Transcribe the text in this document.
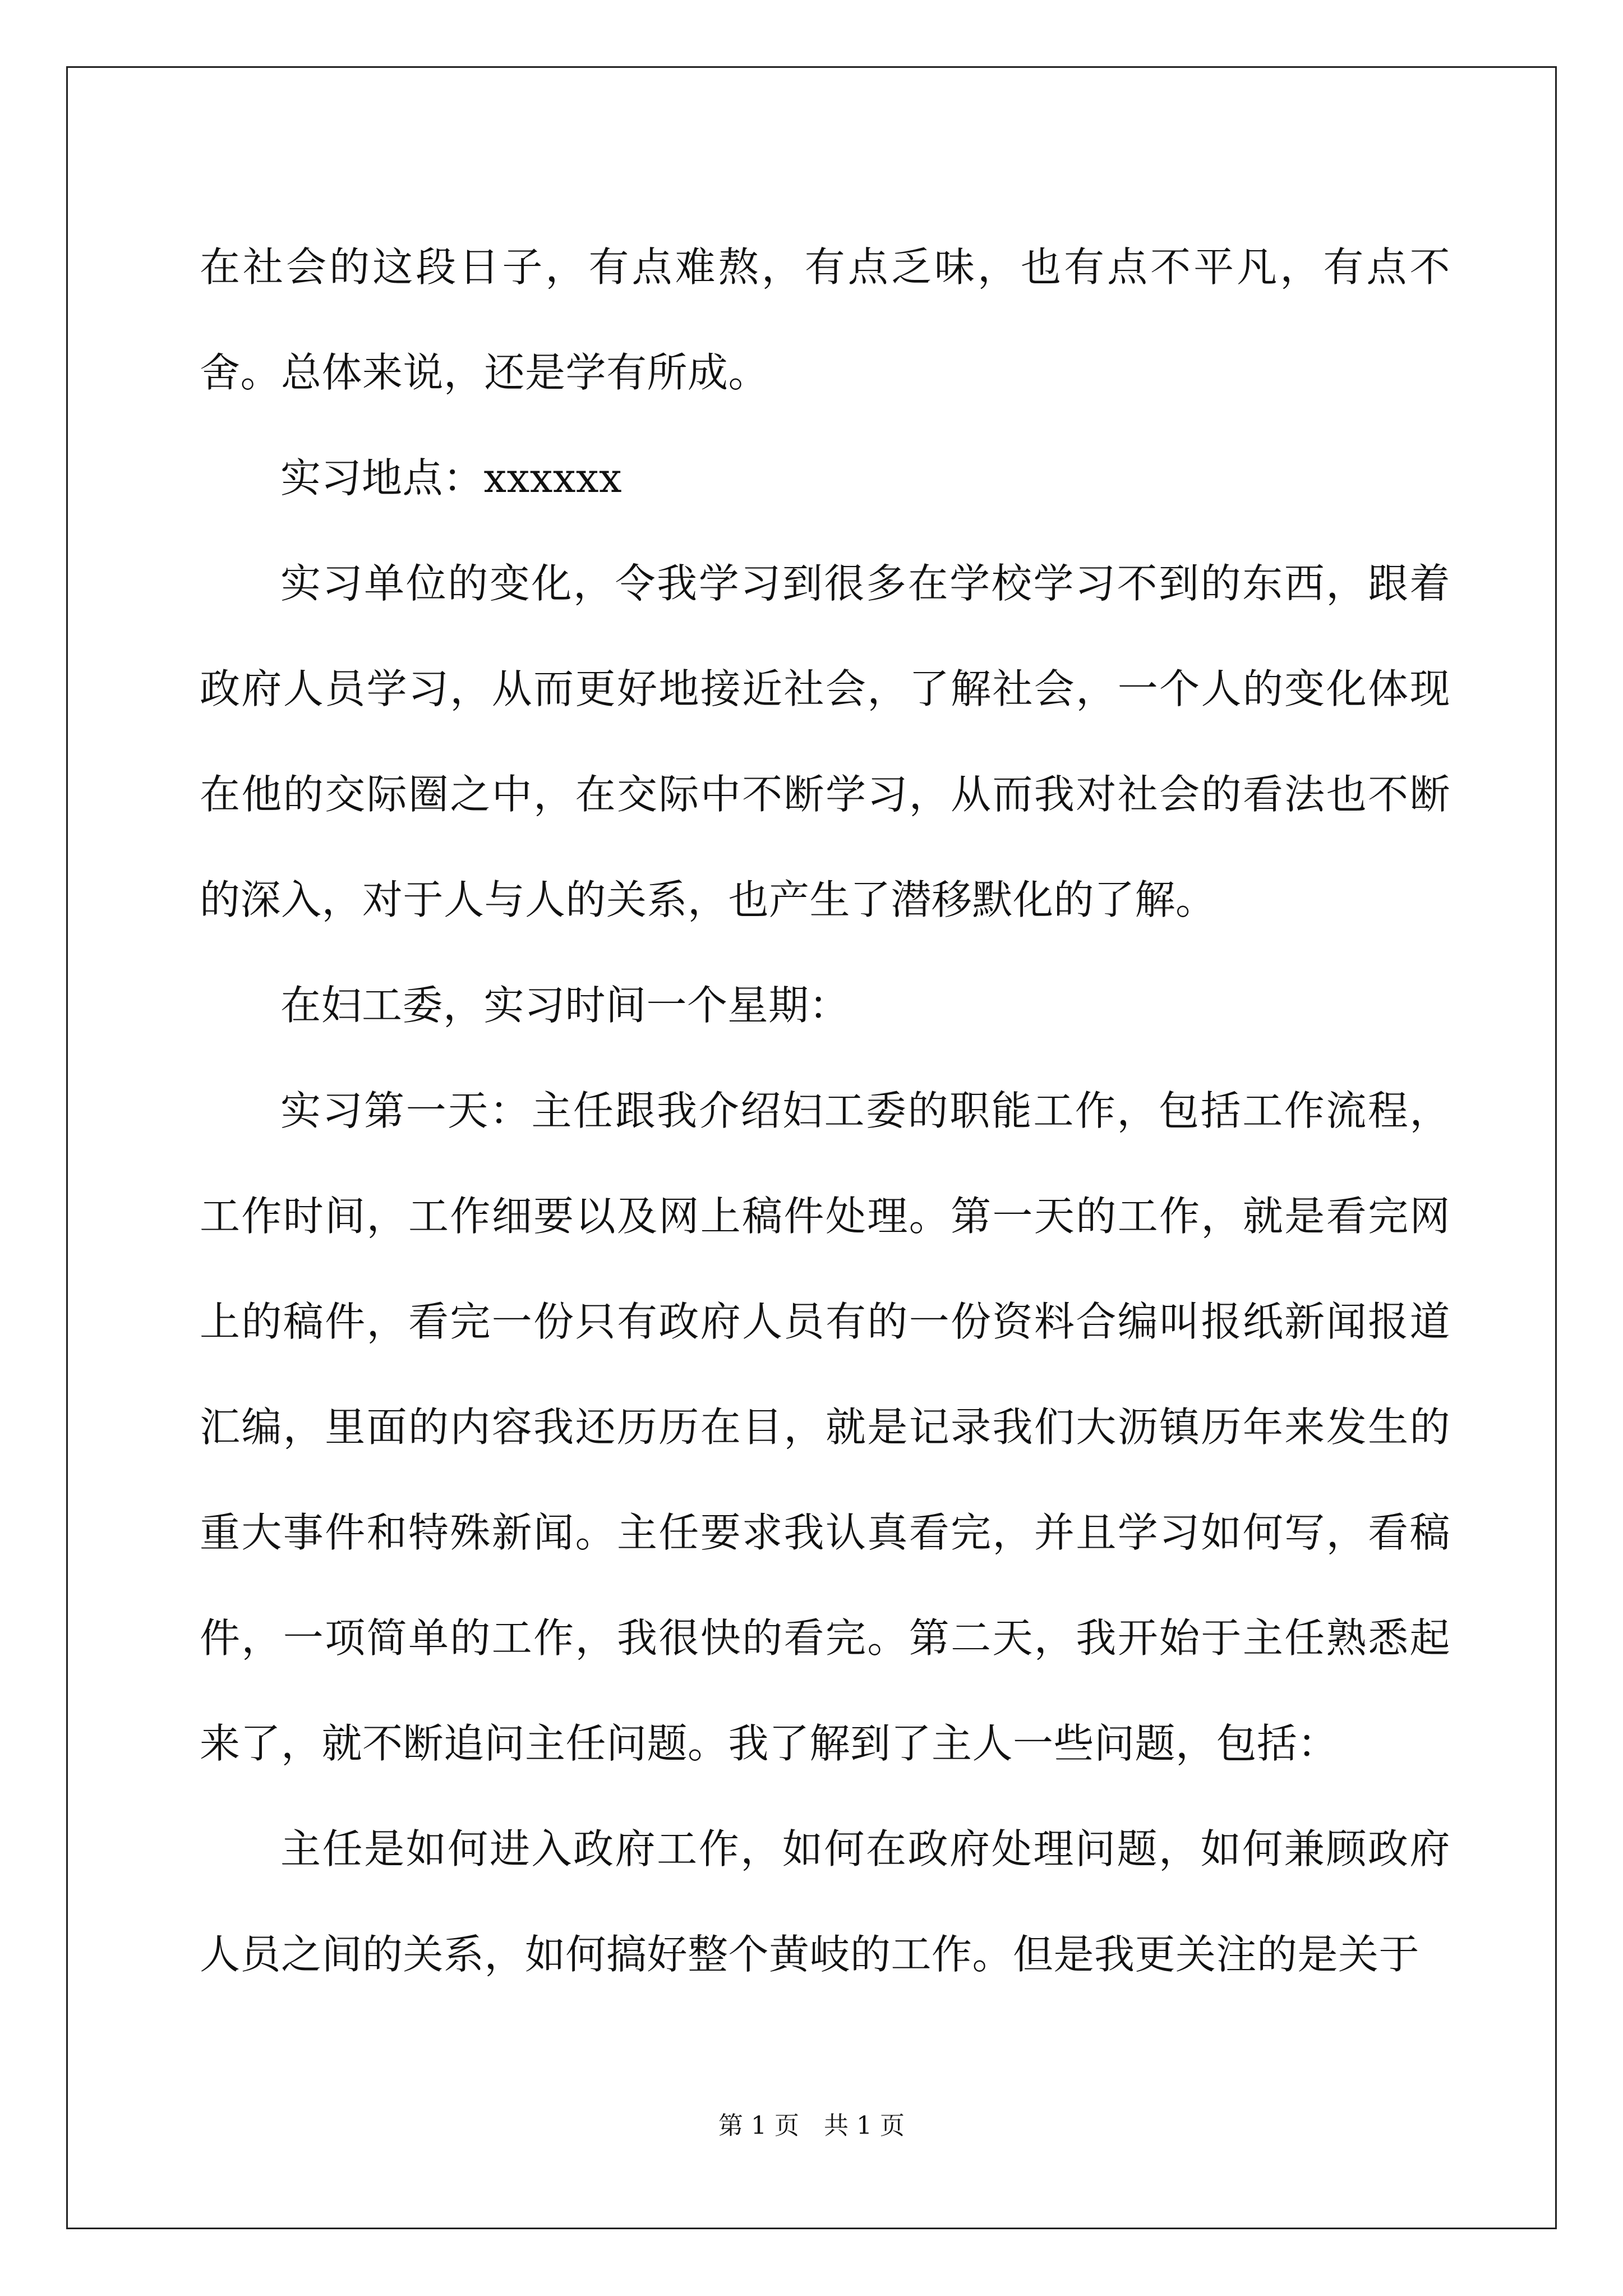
在社会的这段日子，有点难熬，有点乏味，也有点不平凡，有点不舍。总体来说，还是学有所成。

实习地点：xxxxxx

实习单位的变化，令我学习到很多在学校学习不到的东西，跟着政府人员学习，从而更好地接近社会，了解社会，一个人的变化体现在他的交际圈之中，在交际中不断学习，从而我对社会的看法也不断的深入，对于人与人的关系，也产生了潜移默化的了解。

在妇工委，实习时间一个星期：

实习第一天：主任跟我介绍妇工委的职能工作，包括工作流程，工作时间，工作细要以及网上稿件处理。第一天的工作，就是看完网上的稿件，看完一份只有政府人员有的一份资料合编叫报纸新闻报道汇编，里面的内容我还历历在目，就是记录我们大沥镇历年来发生的重大事件和特殊新闻。主任要求我认真看完，并且学习如何写，看稿件，一项简单的工作，我很快的看完。第二天，我开始于主任熟悉起来了，就不断追问主任问题。我了解到了主人一些问题，包括：

主任是如何进入政府工作，如何在政府处理问题，如何兼顾政府人员之间的关系，如何搞好整个黄岐的工作。但是我更关注的是关于

第 1 页 共 1 页
